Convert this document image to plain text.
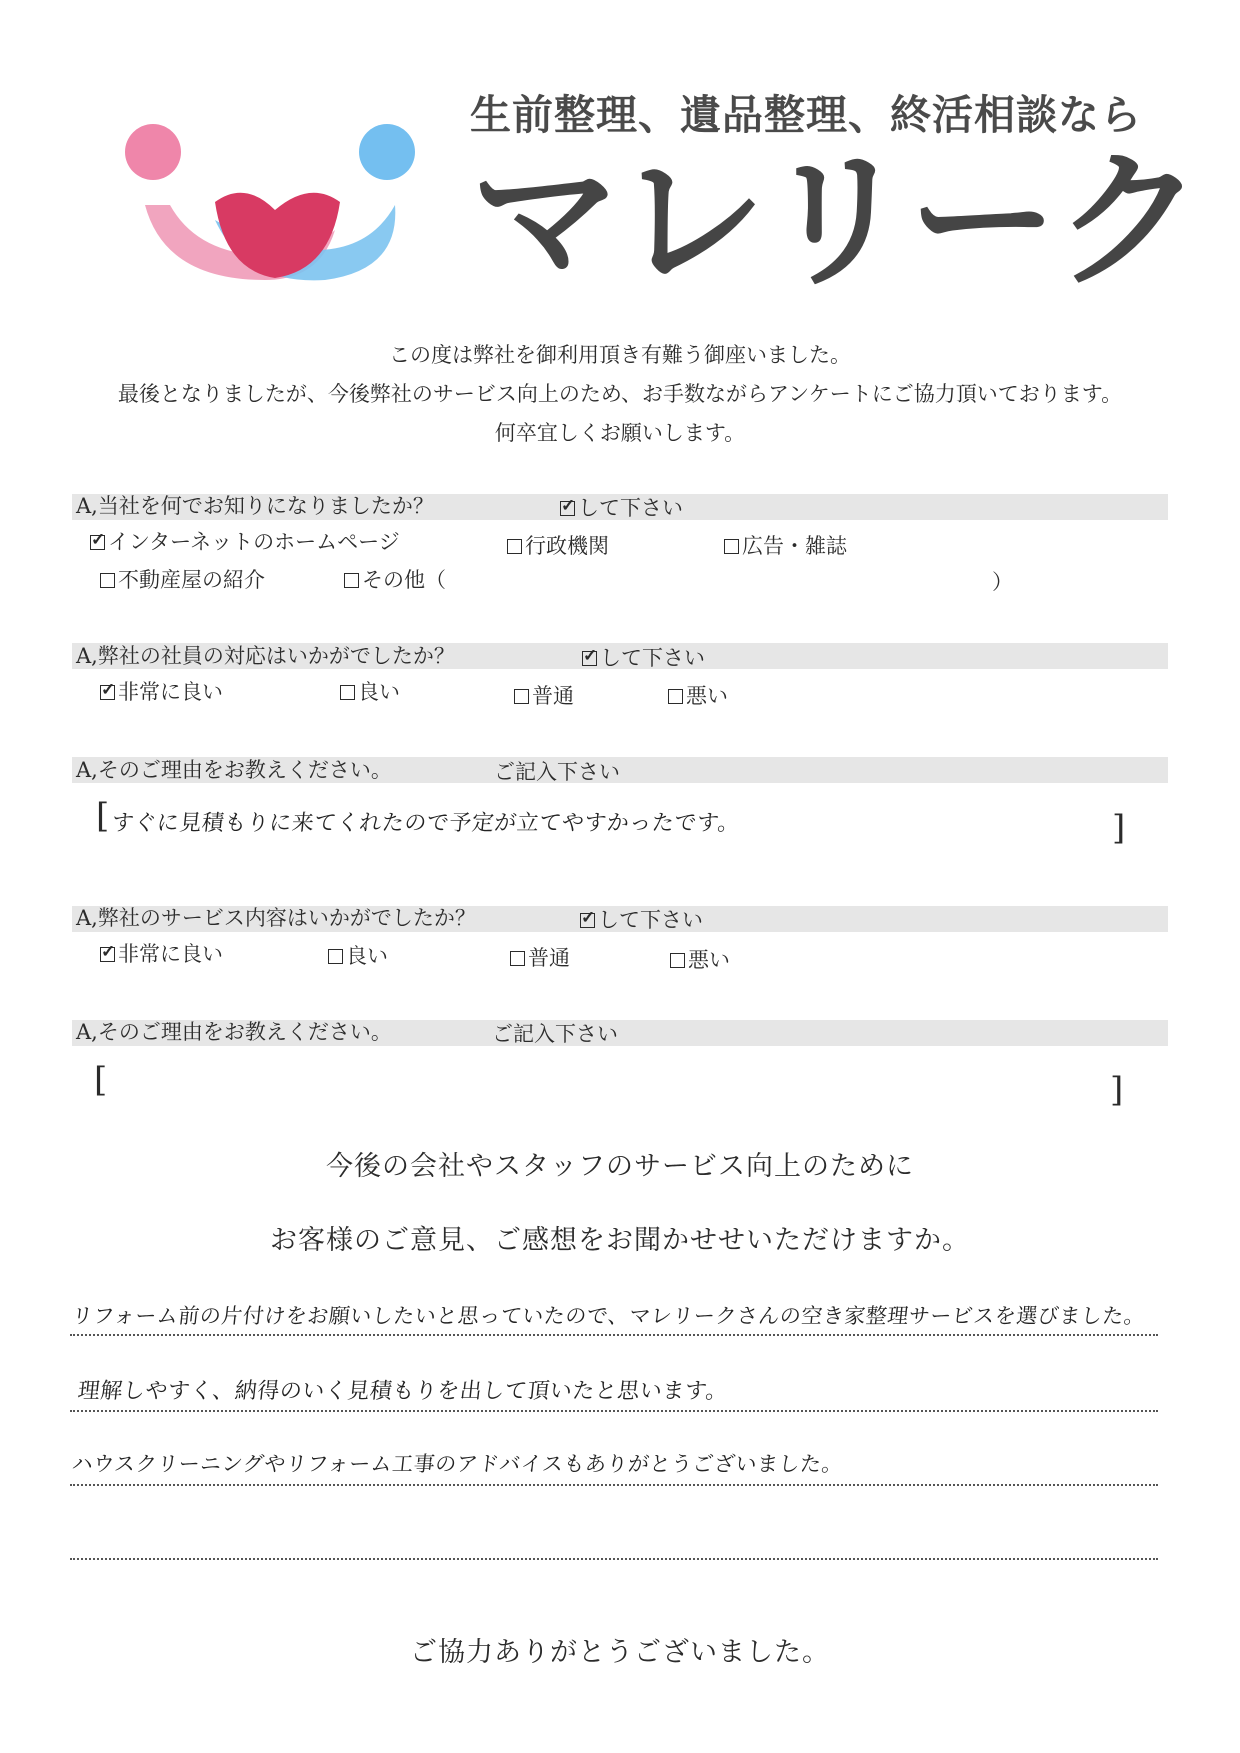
生前整理、遺品整理、終活相談なら
マレリーク
この度は弊社を御利用頂き有難う御座いました。
最後となりましたが、今後弊社のサービス向上のため、お手数ながらアンケートにご協力頂いております。
何卒宜しくお願いします。
A,当社を何でお知りになりましたか？ ✓	して下さい
✓インターネットのホームページ	行政機関	広告・雑誌
不動産屋の紹介	その他（	）
A,弊社の社員の対応はいかがでしたか？ ✓	して下さい
✓非常に良い	良い	普通	悪い
A,そのご理由をお教えください。	ご記入下さい
[ すぐに見積もりに来てくれたので予定が立てやすかったです。	]
A,弊社のサービス内容はいかがでしたか？ ✓	して下さい
✓非常に良い	良い	普通	悪い
A,そのご理由をお教えください。	ご記入下さい
[	]
今後の会社やスタッフのサービス向上のために
お客様のご意見、ご感想をお聞かせせいただけますか。
リフォーム前の片付けをお願いしたいと思っていたので、マレリークさんの空き家整理サービスを選びました。
理解しやすく、納得のいく見積もりを出して頂いたと思います。
ハウスクリーニングやリフォーム工事のアドバイスもありがとうございました。
ご協力ありがとうございました。
